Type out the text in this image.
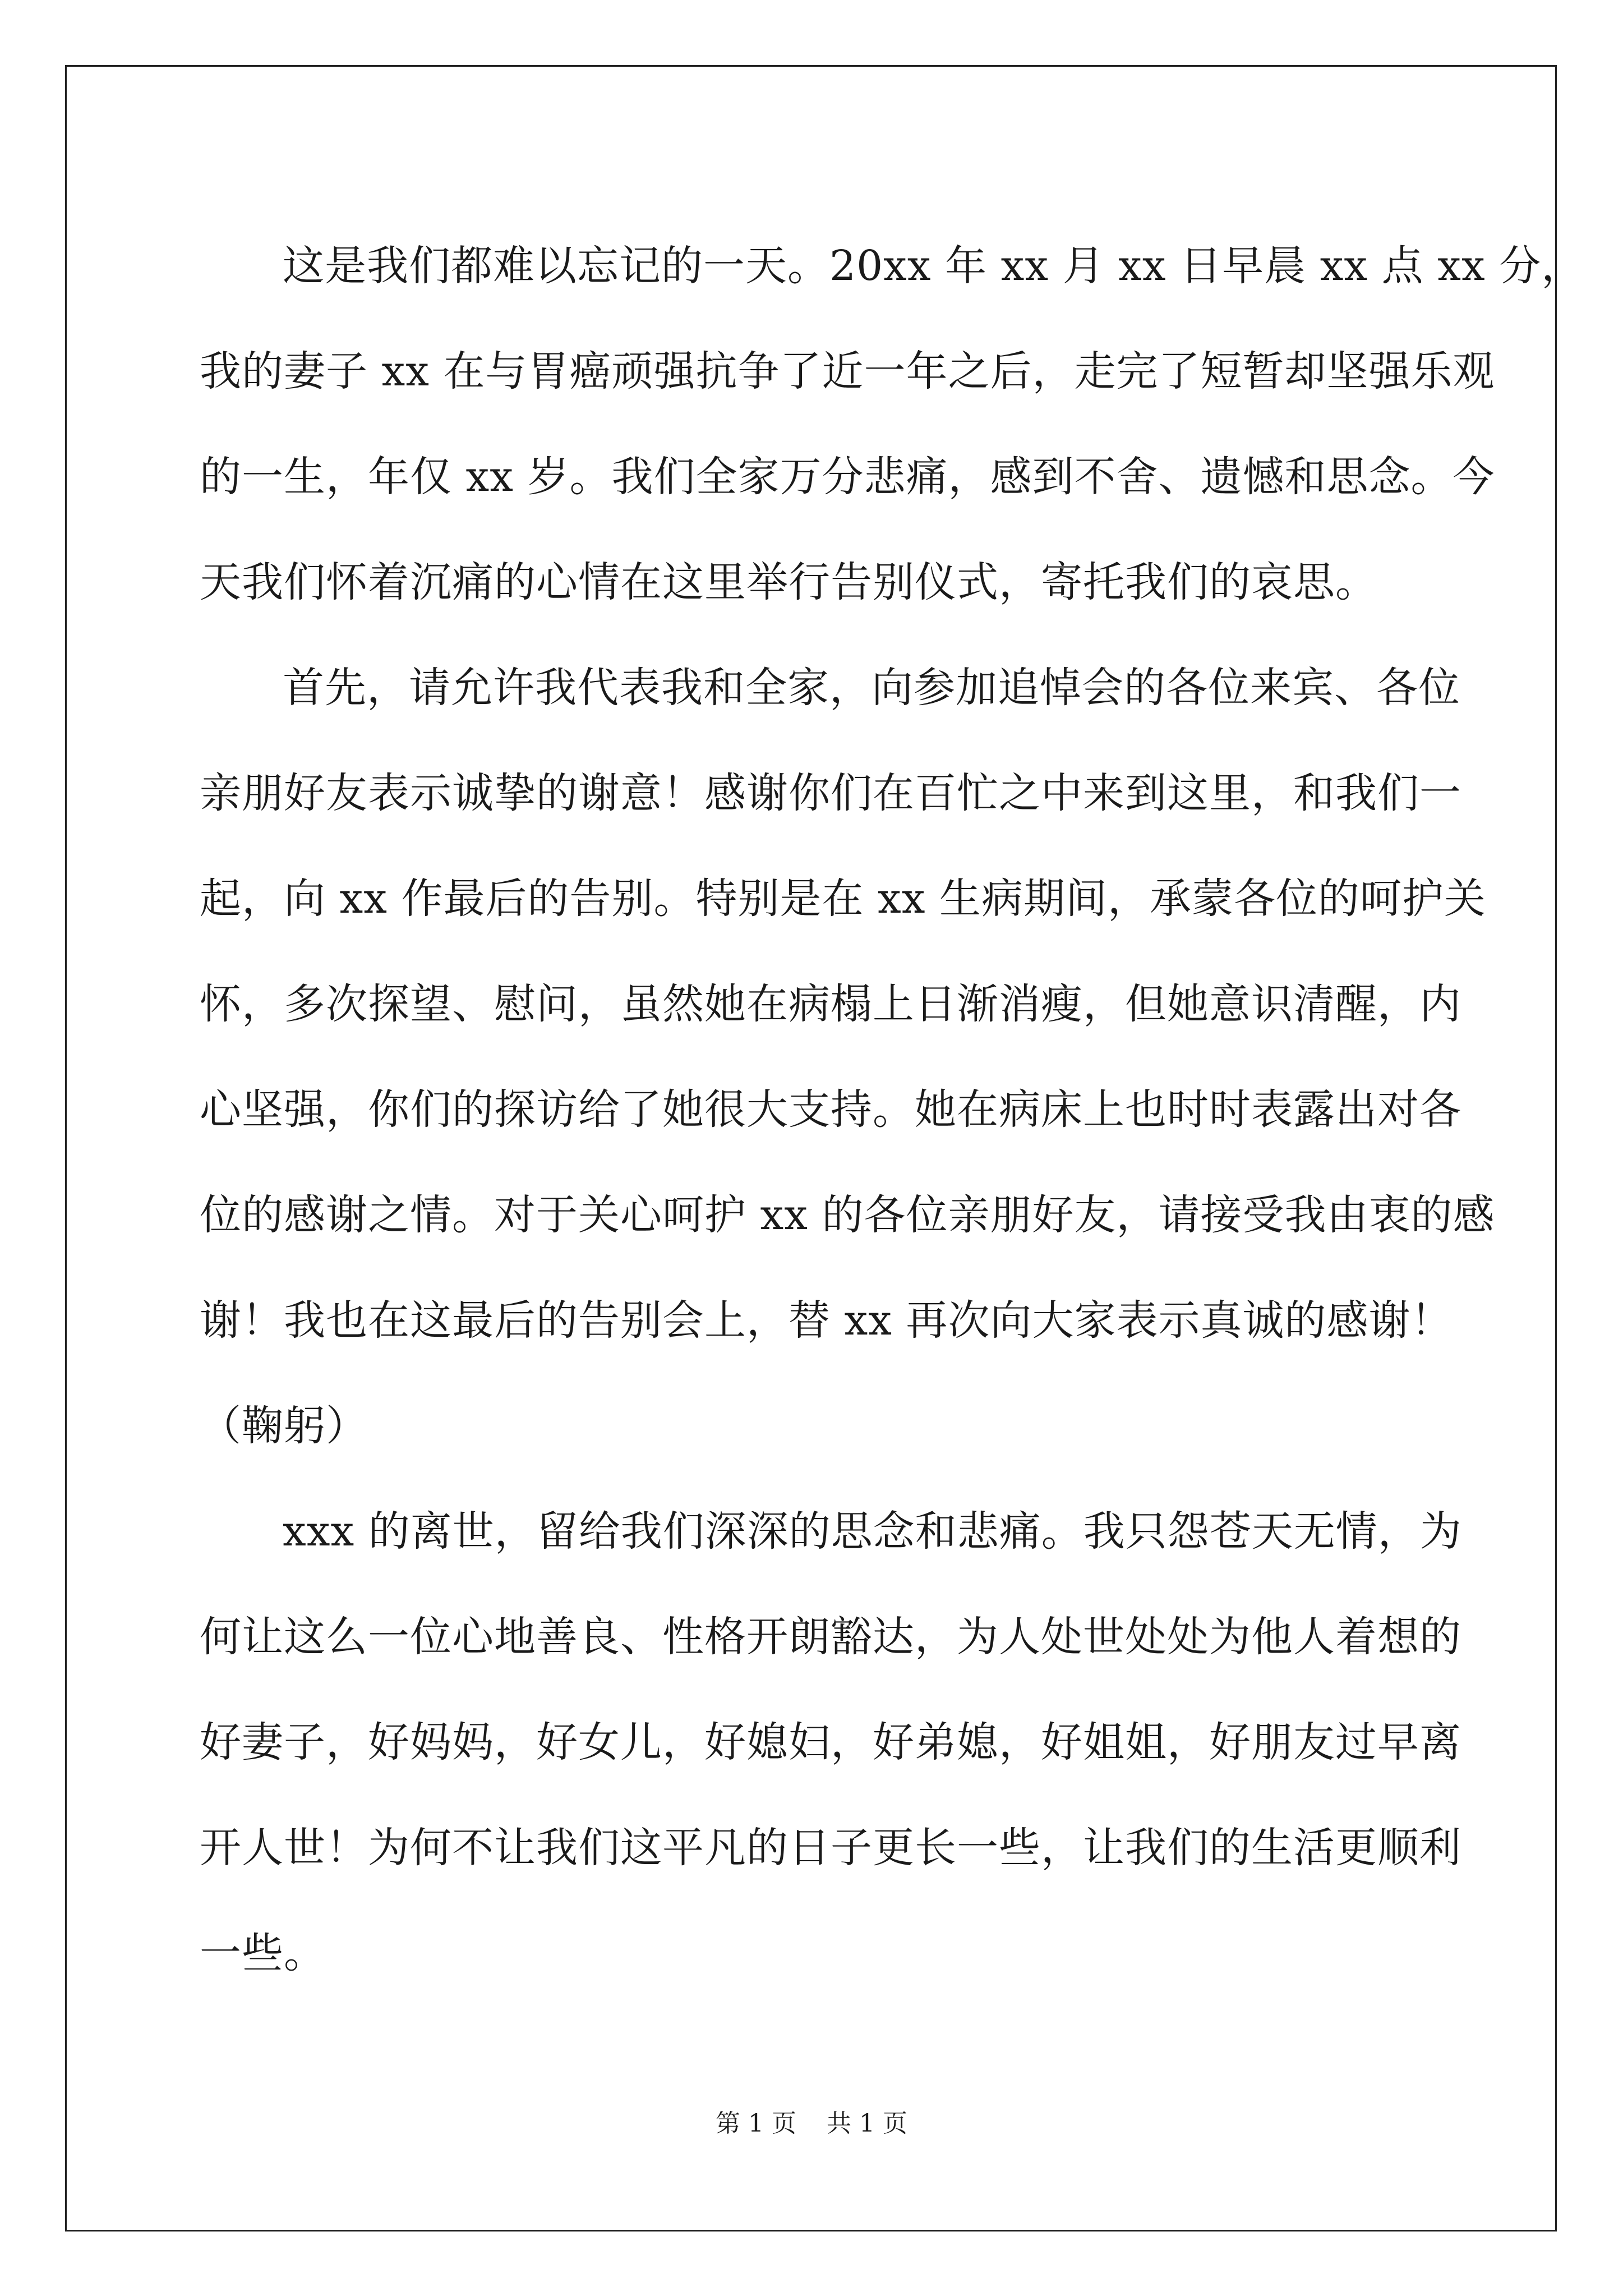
这是我们都难以忘记的一天。20xx 年 xx 月 xx 日早晨 xx 点 xx 分，
我的妻子 xx 在与胃癌顽强抗争了近一年之后，走完了短暂却坚强乐观
的一生，年仅 xx 岁。我们全家万分悲痛，感到不舍、遗憾和思念。今
天我们怀着沉痛的心情在这里举行告别仪式，寄托我们的哀思。
首先，请允许我代表我和全家，向参加追悼会的各位来宾、各位
亲朋好友表示诚挚的谢意！感谢你们在百忙之中来到这里，和我们一
起，向 xx 作最后的告别。特别是在 xx 生病期间，承蒙各位的呵护关
怀，多次探望、慰问，虽然她在病榻上日渐消瘦，但她意识清醒，内
心坚强，你们的探访给了她很大支持。她在病床上也时时表露出对各
位的感谢之情。对于关心呵护 xx 的各位亲朋好友，请接受我由衷的感
谢！我也在这最后的告别会上，替 xx 再次向大家表示真诚的感谢！
（鞠躬）
xxx 的离世，留给我们深深的思念和悲痛。我只怨苍天无情，为
何让这么一位心地善良、性格开朗豁达，为人处世处处为他人着想的
好妻子，好妈妈，好女儿，好媳妇，好弟媳，好姐姐，好朋友过早离
开人世！为何不让我们这平凡的日子更长一些，让我们的生活更顺利
一些。
第 1 页 共 1 页
